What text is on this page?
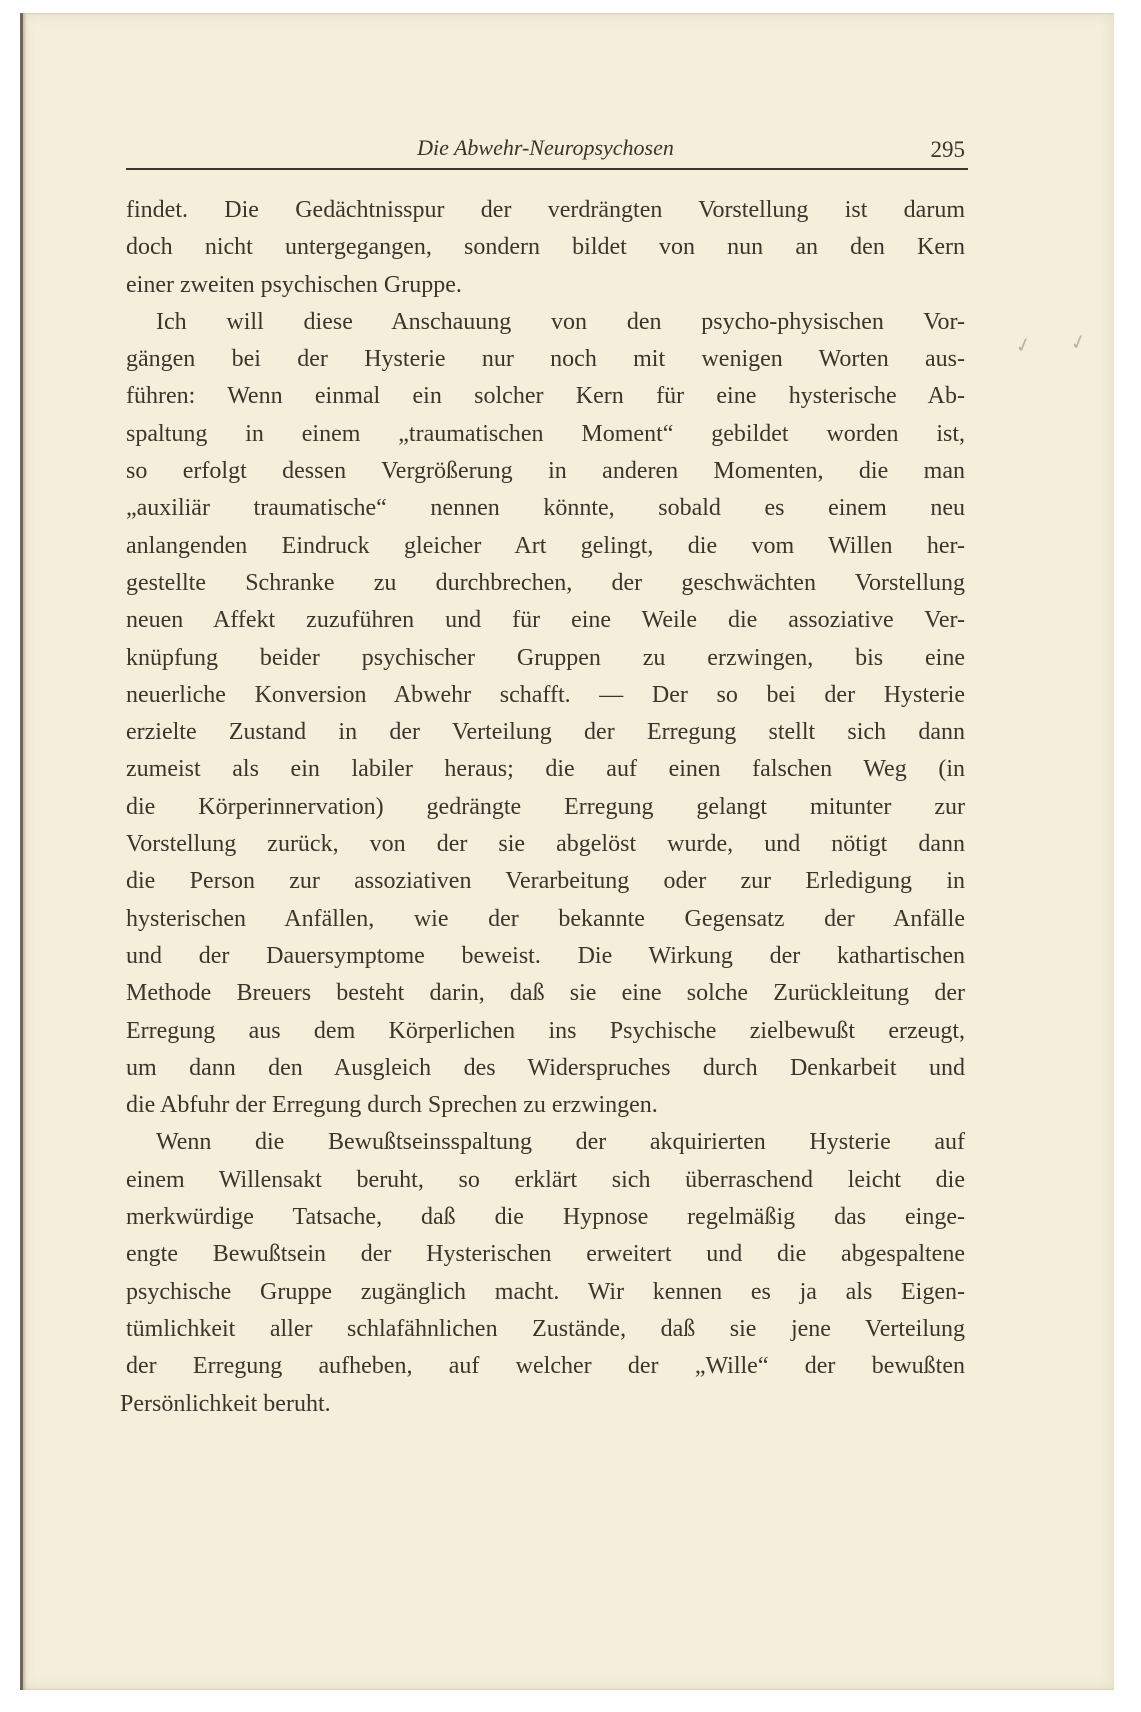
Die Abwehr-Neuropsychosen	295
✓ ✓
findet. Die Gedächtnisspur der verdrängten Vorstellung ist darum
doch nicht untergegangen, sondern bildet von nun an den Kern
einer zweiten psychischen Gruppe.
Ich will diese Anschauung von den psycho-physischen Vor-
gängen bei der Hysterie nur noch mit wenigen Worten aus-
führen: Wenn einmal ein solcher Kern für eine hysterische Ab-
spaltung in einem „traumatischen Moment“ gebildet worden ist,
so erfolgt dessen Vergrößerung in anderen Momenten, die man
„auxiliär traumatische“ nennen könnte, sobald es einem neu
anlangenden Eindruck gleicher Art gelingt, die vom Willen her-
gestellte Schranke zu durchbrechen, der geschwächten Vorstellung
neuen Affekt zuzuführen und für eine Weile die assoziative Ver-
knüpfung beider psychischer Gruppen zu erzwingen, bis eine
neuerliche Konversion Abwehr schafft. — Der so bei der Hysterie
erzielte Zustand in der Verteilung der Erregung stellt sich dann
zumeist als ein labiler heraus; die auf einen falschen Weg (in
die Körperinnervation) gedrängte Erregung gelangt mitunter zur
Vorstellung zurück, von der sie abgelöst wurde, und nötigt dann
die Person zur assoziativen Verarbeitung oder zur Erledigung in
hysterischen Anfällen, wie der bekannte Gegensatz der Anfälle
und der Dauersymptome beweist. Die Wirkung der kathartischen
Methode Breuers besteht darin, daß sie eine solche Zurückleitung der
Erregung aus dem Körperlichen ins Psychische zielbewußt erzeugt,
um dann den Ausgleich des Widerspruches durch Denkarbeit und
die Abfuhr der Erregung durch Sprechen zu erzwingen.
Wenn die Bewußtseinsspaltung der akquirierten Hysterie auf
einem Willensakt beruht, so erklärt sich überraschend leicht die
merkwürdige Tatsache, daß die Hypnose regelmäßig das einge-
engte Bewußtsein der Hysterischen erweitert und die abgespaltene
psychische Gruppe zugänglich macht. Wir kennen es ja als Eigen-
tümlichkeit aller schlafähnlichen Zustände, daß sie jene Verteilung
der Erregung aufheben, auf welcher der „Wille“ der bewußten
Persönlichkeit beruht.
